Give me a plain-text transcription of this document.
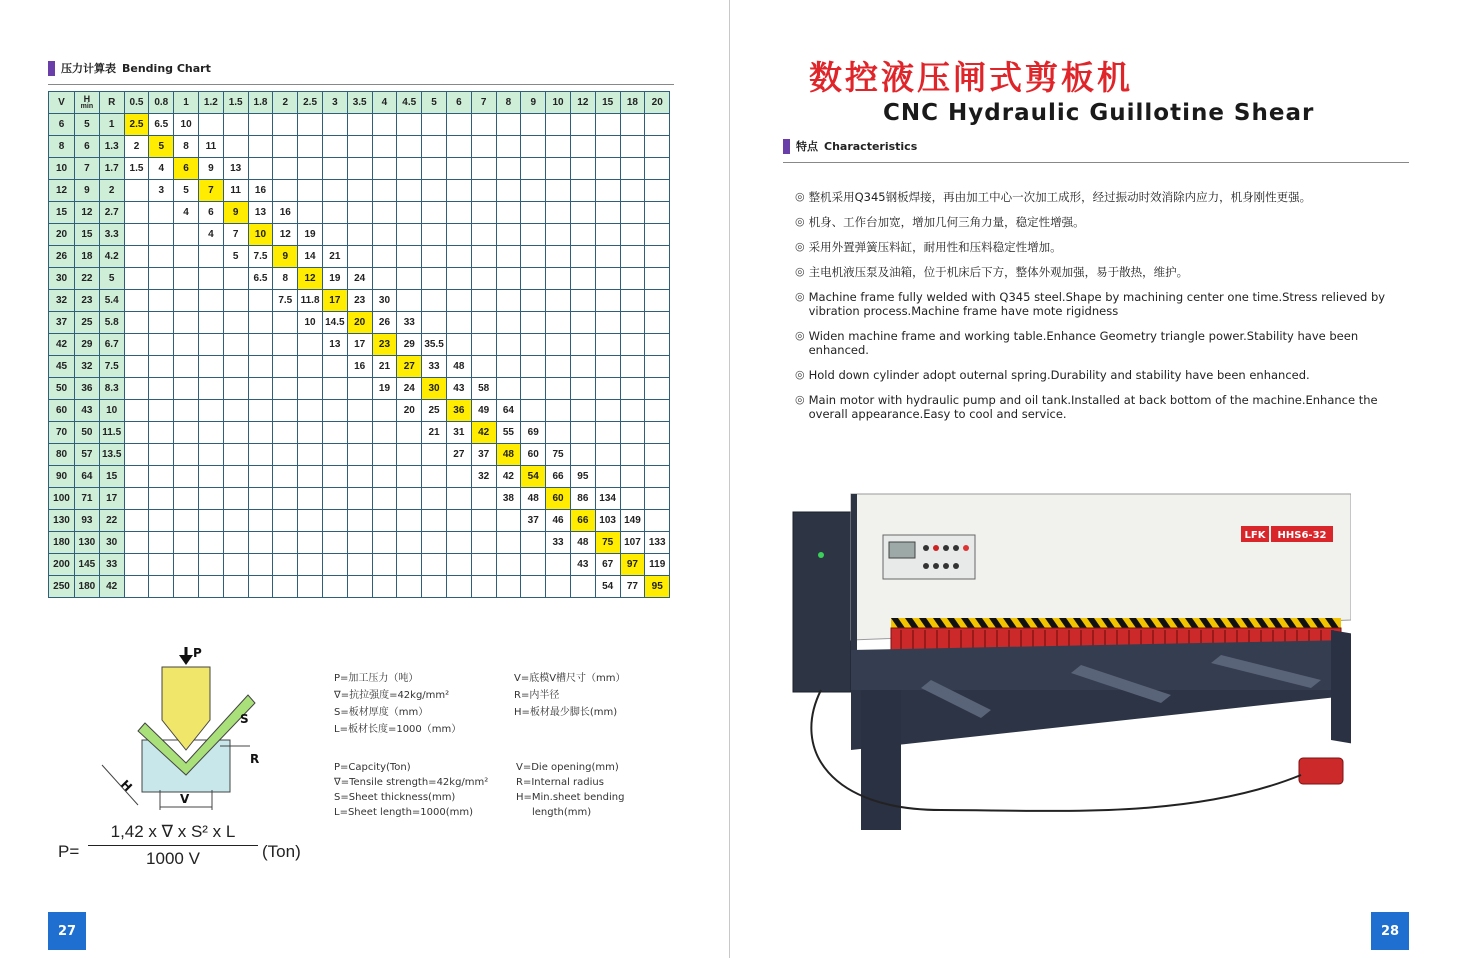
压力计算表 Bending Chart
V	H
min	R	0.5	0.8	1	1.2	1.5	1.8	2	2.5	3	3.5	4	4.5	5	6	7	8	9	10	12	15	18	20
6	5	1	2.5	6.5	10																			
8	6	1.3	2	5	8	11																		
10	7	1.7	1.5	4	6	9	13																	
12	9	2		3	5	7	11	16																
15	12	2.7			4	6	9	13	16															
20	15	3.3				4	7	10	12	19														
26	18	4.2					5	7.5	9	14	21													
30	22	5						6.5	8	12	19	24												
32	23	5.4							7.5	11.8	17	23	30											
37	25	5.8								10	14.5	20	26	33										
42	29	6.7									13	17	23	29	35.5									
45	32	7.5										16	21	27	33	48								
50	36	8.3											19	24	30	43	58							
60	43	10												20	25	36	49	64						
70	50	11.5													21	31	42	55	69					
80	57	13.5														27	37	48	60	75				
90	64	15															32	42	54	66	95			
100	71	17																38	48	60	86	134		
130	93	22																	37	46	66	103	149	
180	130	30																		33	48	75	107	133
200	145	33																			43	67	97	119
250	180	42																				54	77	95
P
S
R
H
V
P=加工压力（吨）
∇=抗拉强度=42kg/mm²
S=板材厚度（mm）
L=板材长度=1000（mm）
V=底模V槽尺寸（mm）
R=内半径
H=板材最少脚长(mm)
P=Capcity(Ton)
∇=Tensile strength=42kg/mm²
S=Sheet thickness(mm)
L=Sheet length=1000(mm)
V=Die opening(mm)
R=Internal radius
H=Min.sheet bending
length(mm)
$P= \frac{\text{1,42 x ∇ x S² x L}}{1000 V} (Ton)$
27
数控液压闸式剪板机
CNC Hydraulic Guillotine Shear
特点 Characteristics
◎ 整机采用Q345钢板焊接，再由加工中心一次加工成形，经过振动时效消除内应力，机身刚性更强。
◎ 机身、工作台加宽，增加几何三角力量，稳定性增强。
◎ 采用外置弹簧压料缸，耐用性和压料稳定性增加。
◎ 主电机液压泵及油箱，位于机床后下方，整体外观加强，易于散热，维护。
◎ Machine frame fully welded with Q345 steel.Shape by machining center one time.Stress relieved by vibration process.Machine frame have mote rigidness
◎ Widen machine frame and working table.Enhance Geometry triangle power.Stability have been enhanced.
◎ Hold down cylinder adopt outernal spring.Durability and stability have been enhanced.
◎ Main motor with hydraulic pump and oil tank.Installed at back bottom of the machine.Enhance the overall appearance.Easy to cool and service.
LFK HHS6-32
28
